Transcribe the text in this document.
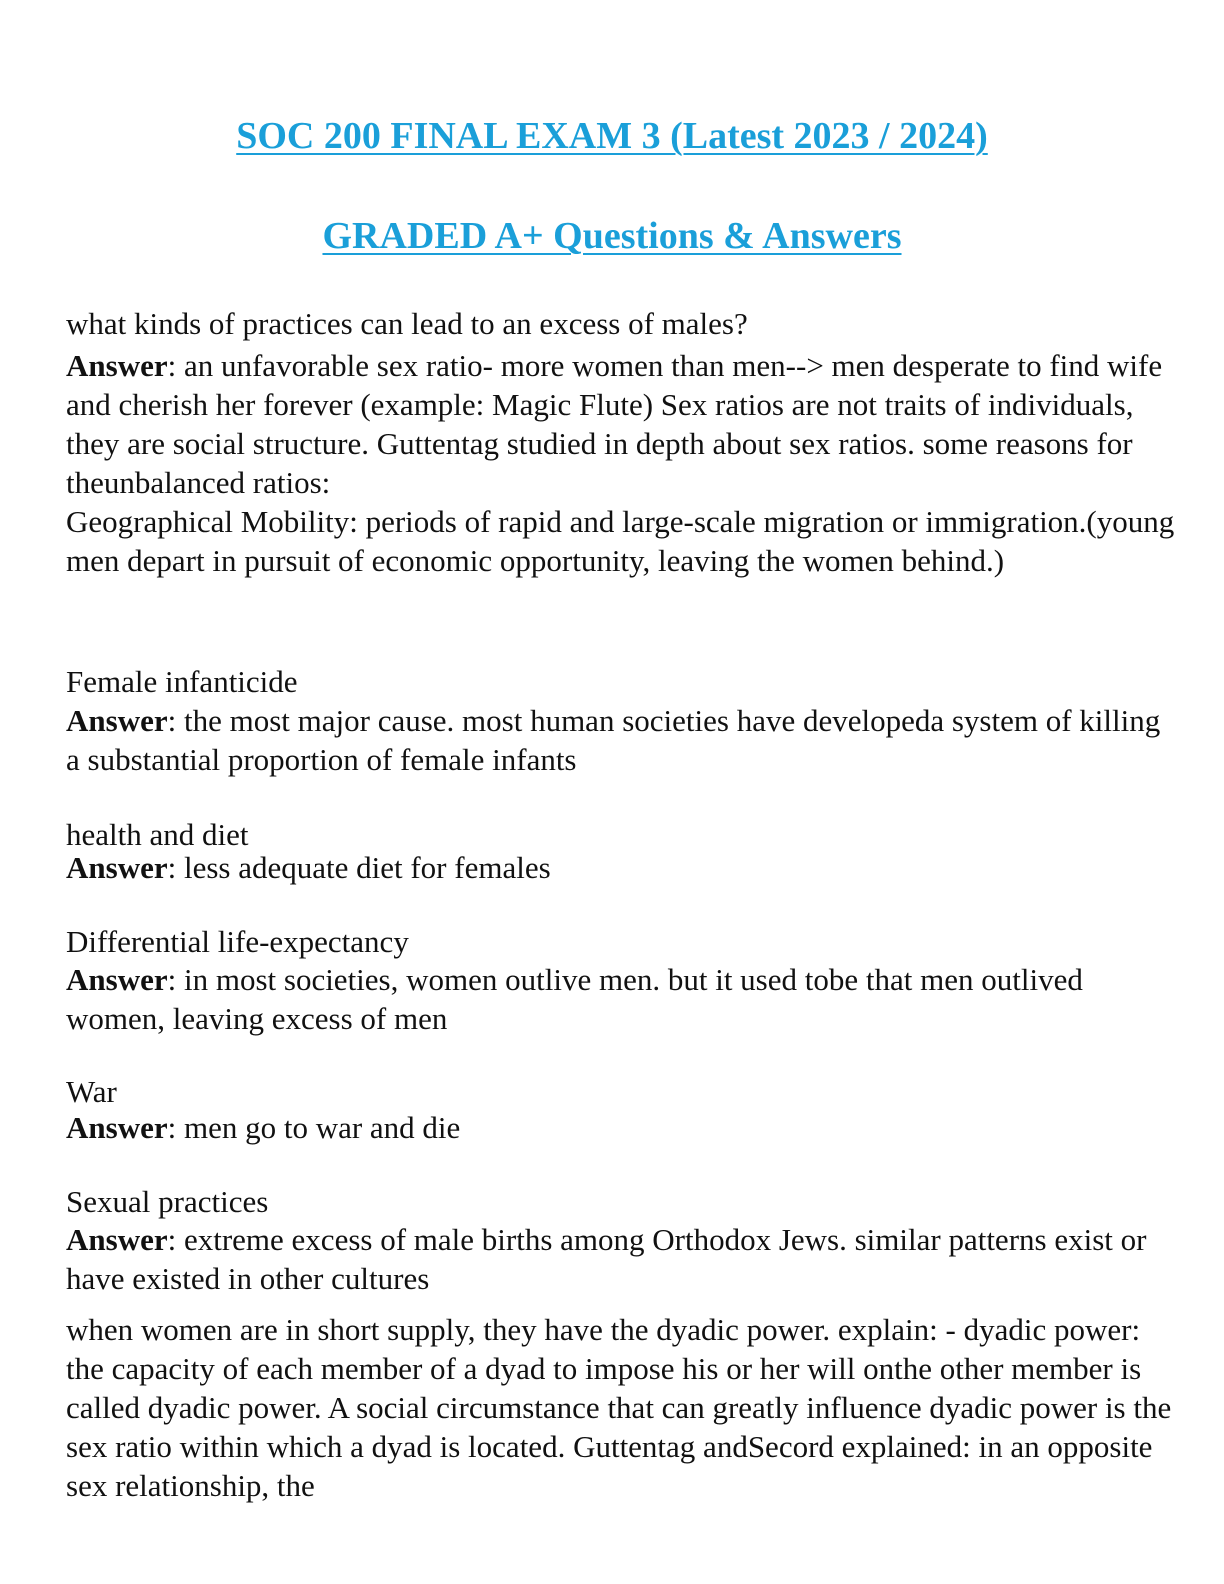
SOC 200 FINAL EXAM 3 (Latest 2023 / 2024)
GRADED A+ Questions & Answers

what kinds of practices can lead to an excess of males?

Answer: an unfavorable sex ratio- more women than men--> men desperate to find wife and cherish her forever (example: Magic Flute) Sex ratios are not traits of individuals, they are social structure. Guttentag studied in depth about sex ratios. some reasons for theunbalanced ratios:
Geographical Mobility: periods of rapid and large-scale migration or immigration.(young men depart in pursuit of economic opportunity, leaving the women behind.)

Female infanticide

Answer: the most major cause. most human societies have developeda system of killing a substantial proportion of female infants

health and diet

Answer: less adequate diet for females

Differential life-expectancy

Answer: in most societies, women outlive men. but it used tobe that men outlived women, leaving excess of men

War

Answer: men go to war and die

Sexual practices

Answer: extreme excess of male births among Orthodox Jews. similar patterns exist or have existed in other cultures

when women are in short supply, they have the dyadic power. explain: - dyadic power: the capacity of each member of a dyad to impose his or her will onthe other member is called dyadic power. A social circumstance that can greatly influence dyadic power is the sex ratio within which a dyad is located. Guttentag andSecord explained: in an opposite sex relationship, the
